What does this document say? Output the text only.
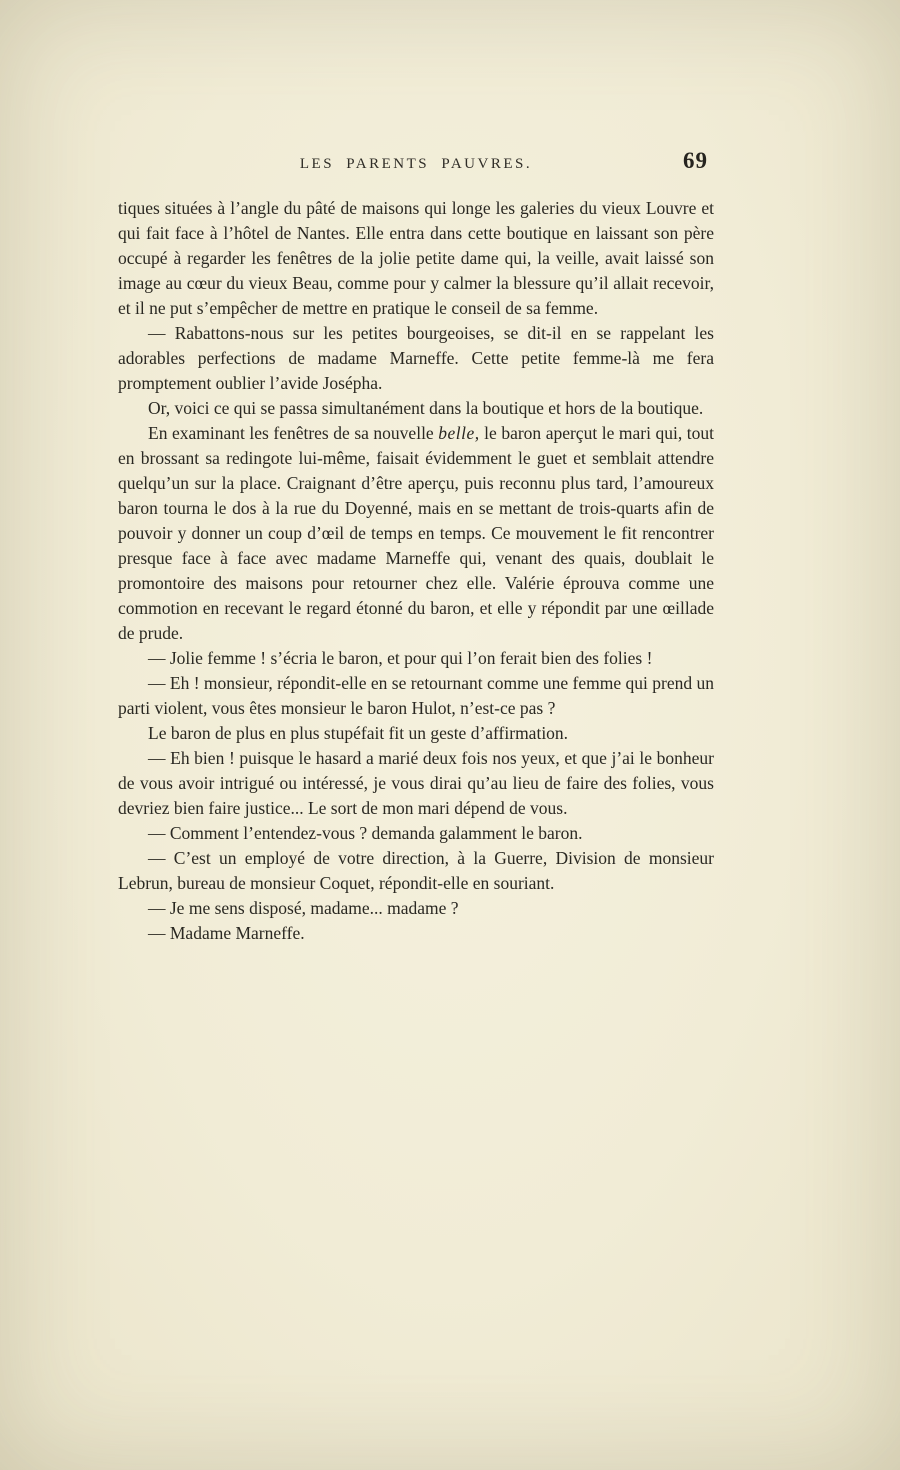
LES PARENTS PAUVRES.	69

tiques situées à l’angle du pâté de maisons qui longe les galeries du vieux Louvre et qui fait face à l’hôtel de Nantes. Elle entra dans cette boutique en laissant son père occupé à regarder les fenêtres de la jolie petite dame qui, la veille, avait laissé son image au cœur du vieux Beau, comme pour y calmer la blessure qu’il allait recevoir, et il ne put s’empêcher de mettre en pratique le conseil de sa femme.

— Rabattons-nous sur les petites bourgeoises, se dit-il en se rappelant les adorables perfections de madame Marneffe. Cette petite femme-là me fera promptement oublier l’avide Josépha.

Or, voici ce qui se passa simultanément dans la boutique et hors de la boutique.

En examinant les fenêtres de sa nouvelle belle, le baron aperçut le mari qui, tout en brossant sa redingote lui-même, faisait évidemment le guet et semblait attendre quelqu’un sur la place. Craignant d’être aperçu, puis reconnu plus tard, l’amoureux baron tourna le dos à la rue du Doyenné, mais en se mettant de trois-quarts afin de pouvoir y donner un coup d’œil de temps en temps. Ce mouvement le fit rencontrer presque face à face avec madame Marneffe qui, venant des quais, doublait le promontoire des maisons pour retourner chez elle. Valérie éprouva comme une commotion en recevant le regard étonné du baron, et elle y répondit par une œillade de prude.

— Jolie femme ! s’écria le baron, et pour qui l’on ferait bien des folies !

— Eh ! monsieur, répondit-elle en se retournant comme une femme qui prend un parti violent, vous êtes monsieur le baron Hulot, n’est-ce pas ?

Le baron de plus en plus stupéfait fit un geste d’affirmation.

— Eh bien ! puisque le hasard a marié deux fois nos yeux, et que j’ai le bonheur de vous avoir intrigué ou intéressé, je vous dirai qu’au lieu de faire des folies, vous devriez bien faire justice... Le sort de mon mari dépend de vous.

— Comment l’entendez-vous ? demanda galamment le baron.

— C’est un employé de votre direction, à la Guerre, Division de monsieur Lebrun, bureau de monsieur Coquet, répondit-elle en souriant.

— Je me sens disposé, madame... madame ?

— Madame Marneffe.
